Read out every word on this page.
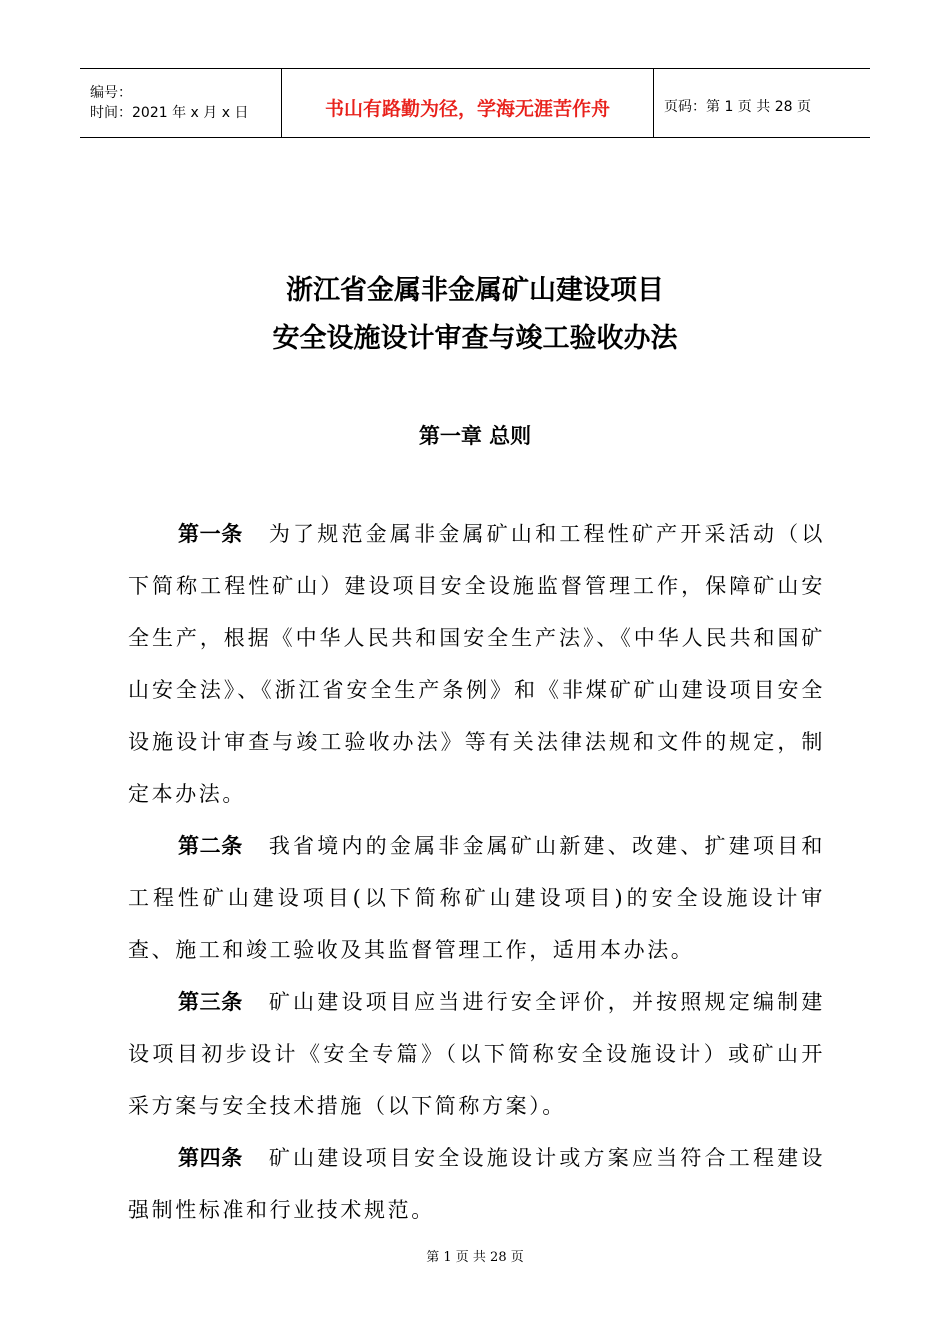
编号：
时间：2021 年 x 月 x 日	书山有路勤为径，学海无涯苦作舟	页码：第 1 页 共 28 页
浙江省金属非金属矿山建设项目
安全设施设计审查与竣工验收办法
第一章 总则

第一条 为了规范金属非金属矿山和工程性矿产开采活动（以下简称工程性矿山）建设项目安全设施监督管理工作，保障矿山安全生产，根据《中华人民共和国安全生产法》、《中华人民共和国矿山安全法》、《浙江省安全生产条例》和《非煤矿矿山建设项目安全设施设计审查与竣工验收办法》等有关法律法规和文件的规定，制定本办法。

第二条 我省境内的金属非金属矿山新建、改建、扩建项目和工程性矿山建设项目(以下简称矿山建设项目)的安全设施设计审查、施工和竣工验收及其监督管理工作，适用本办法。

第三条 矿山建设项目应当进行安全评价，并按照规定编制建设项目初步设计《安全专篇》（以下简称安全设施设计）或矿山开采方案与安全技术措施（以下简称方案）。

第四条 矿山建设项目安全设施设计或方案应当符合工程建设强制性标准和行业技术规范。

第 1 页 共 28 页
